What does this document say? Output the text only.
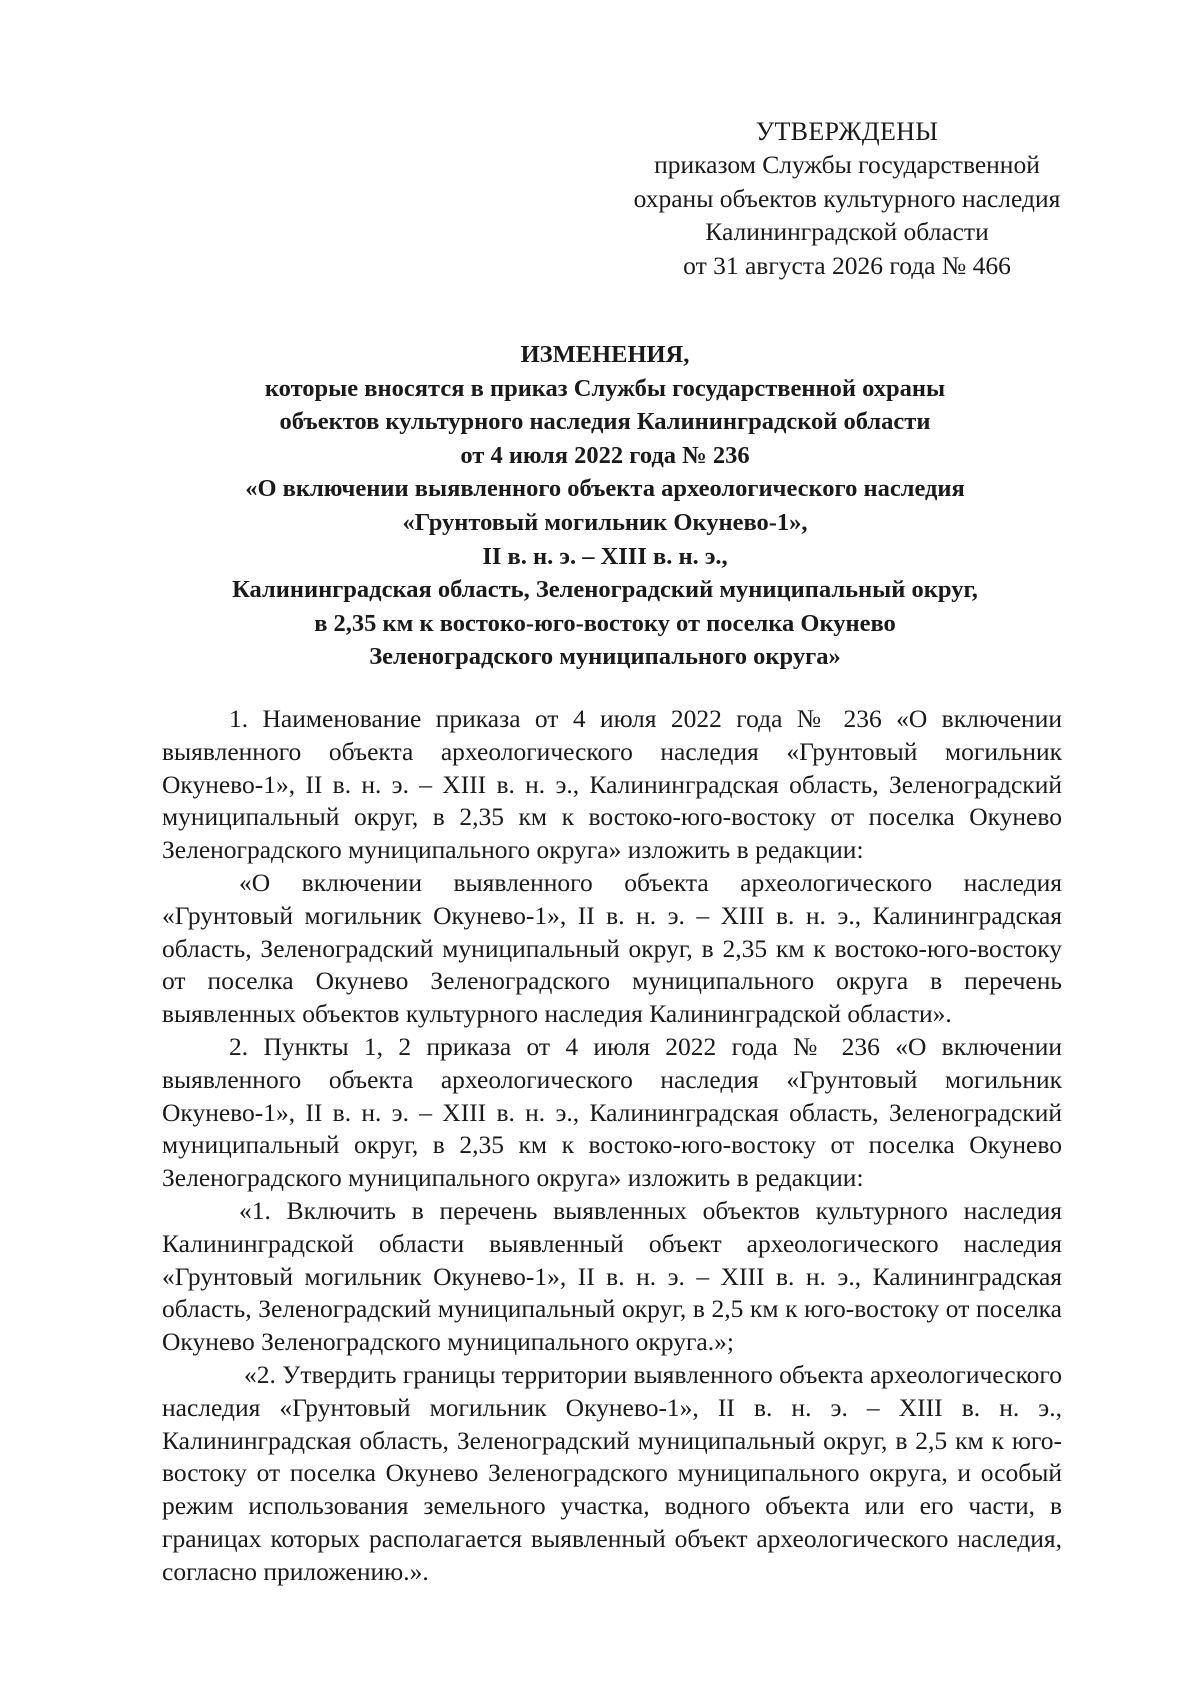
УТВЕРЖДЕНЫ
приказом Службы государственной
охраны объектов культурного наследия
Калининградской области
от 31 августа 2026 года № 466
ИЗМЕНЕНИЯ,
которые вносятся в приказ Службы государственной охраны
объектов культурного наследия Калининградской области
от 4 июля 2022 года № 236
«О включении выявленного объекта археологического наследия
«Грунтовый могильник Окунево-1»,
II в. н. э. – XIII в. н. э.,
Калининградская область, Зеленоградский муниципальный округ,
в 2,35 км к востоко-юго-востоку от поселка Окунево
Зеленоградского муниципального округа»

1. Наименование приказа от 4 июля 2022 года № 236 «О включении выявленного объекта археологического наследия «Грунтовый могильник Окунево-1», II в. н. э. – XIII в. н. э., Калининградская область, Зеленоградский муниципальный округ, в 2,35 км к востоко-юго-востоку от поселка Окунево Зеленоградского муниципального округа» изложить в редакции:

«О включении выявленного объекта археологического наследия «Грунтовый могильник Окунево-1», II в. н. э. – XIII в. н. э., Калининградская область, Зеленоградский муниципальный округ, в 2,35 км к востоко-юго-востоку от поселка Окунево Зеленоградского муниципального округа в перечень выявленных объектов культурного наследия Калининградской области».

2. Пункты 1, 2 приказа от 4 июля 2022 года № 236 «О включении выявленного объекта археологического наследия «Грунтовый могильник Окунево-1», II в. н. э. – XIII в. н. э., Калининградская область, Зеленоградский муниципальный округ, в 2,35 км к востоко-юго-востоку от поселка Окунево Зеленоградского муниципального округа» изложить в редакции:

«1. Включить в перечень выявленных объектов культурного наследия Калининградской области выявленный объект археологического наследия «Грунтовый могильник Окунево-1», II в. н. э. – XIII в. н. э., Калининградская область, Зеленоградский муниципальный округ, в 2,5 км к юго-востоку от поселка Окунево Зеленоградского муниципального округа.»;

«2. Утвердить границы территории выявленного объекта археологического наследия «Грунтовый могильник Окунево-1», II в. н. э. – XIII в. н. э., Калининградская область, Зеленоградский муниципальный округ, в 2,5 км к юго-востоку от поселка Окунево Зеленоградского муниципального округа, и особый режим использования земельного участка, водного объекта или его части, в границах которых располагается выявленный объект археологического наследия, согласно приложению.».
